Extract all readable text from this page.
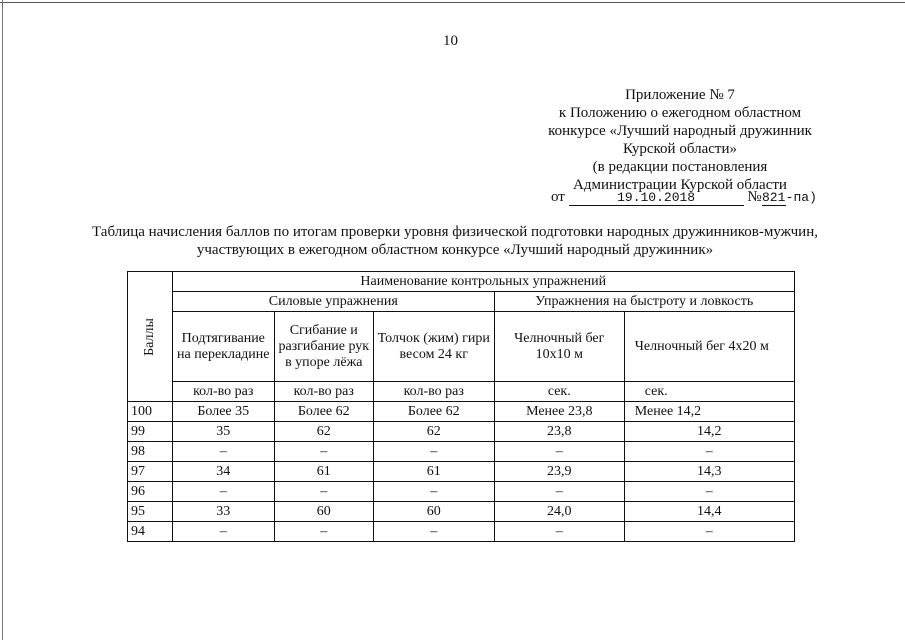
10
Приложение № 7
к Положению о ежегодном областном
конкурсе «Лучший народный дружинник
Курской области»
(в редакции постановления
Администрации Курской области
от	19.10.2018	№821-па)
Таблица начисления баллов по итогам проверки уровня физической подготовки народных дружинников-мужчин,
участвующих в ежегодном областном конкурсе «Лучший народный дружинник»
Баллы	Наименование контрольных упражнений				
	Силовые упражнения			Упражнения на быстроту и ловкость	
	Подтягивание на перекладине	Сгибание и разгибание рук в упоре лёжа	Толчок (жим) гири весом 24 кг	Челночный бег 10х10 м	Челночный бег 4х20 м
	кол-во раз	кол-во раз	кол-во раз	сек.	сек.
100	Более 35	Более 62	Более 62	Менее 23,8	Менее 14,2
99	35	62	62	23,8	14,2
98	–	–	–	–	–
97	34	61	61	23,9	14,3
96	–	–	–	–	–
95	33	60	60	24,0	14,4
94	–	–	–	–	–
